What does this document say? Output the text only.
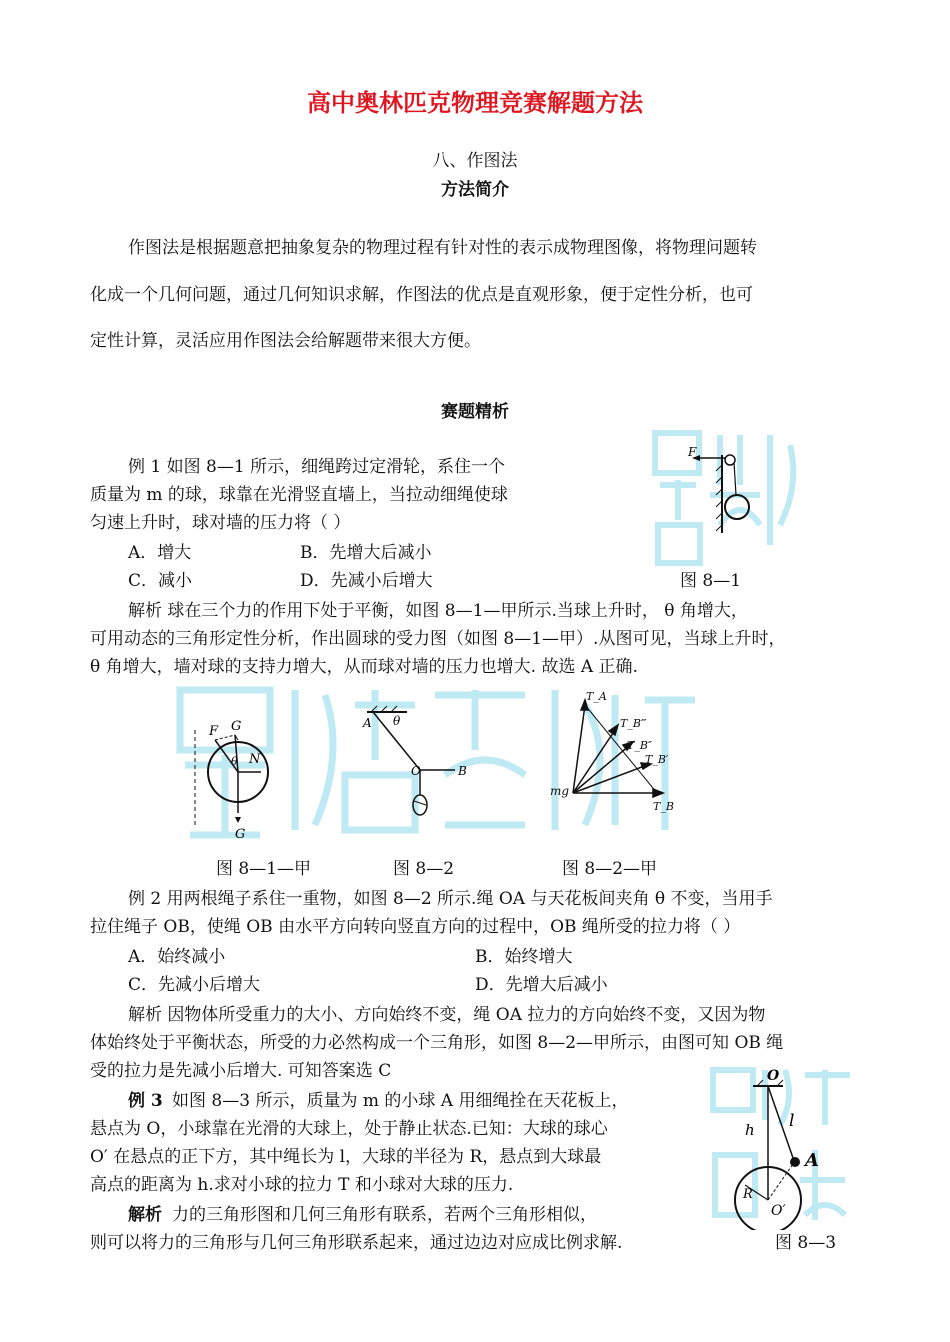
高中奥林匹克物理竞赛解题方法
八、作图法
方法简介
作图法是根据题意把抽象复杂的物理过程有针对性的表示成物理图像，将物理问题转
化成一个几何问题，通过几何知识求解，作图法的优点是直观形象，便于定性分析，也可
定性计算，灵活应用作图法会给解题带来很大方便。
赛题精析
F
例 1 如图 8—1 所示，细绳跨过定滑轮，系住一个
质量为 m 的球，球靠在光滑竖直墙上，当拉动细绳使球
匀速上升时，球对墙的压力将（ ）
A．增大	B．先增大后减小
C．减小	D．先减小后增大	图 8—1
解析 球在三个力的作用下处于平衡，如图 8—1—甲所示.当球上升时， θ 角增大，
可用动态的三角形定性分析，作出圆球的受力图（如图 8—1—甲）.从图可见，当球上升时，
θ 角增大，墙对球的支持力增大，从而球对墙的压力也增大. 故选 A 正确.
F G
θ N
G
A θ
O	B
T_A
T_B‴
T_B″
T_B′
T_B
mg
图 8—1—甲	图 8—2	图 8—2—甲
例 2 用两根绳子系住一重物，如图 8—2 所示.绳 OA 与天花板间夹角 θ 不变，当用手
拉住绳子 OB，使绳 OB 由水平方向转向竖直方向的过程中，OB 绳所受的拉力将（ ）
A．始终减小	B．始终增大
C．先减小后增大	D．先增大后减小
解析 因物体所受重力的大小、方向始终不变，绳 OA 拉力的方向始终不变，又因为物
体始终处于平衡状态，所受的力必然构成一个三角形，如图 8—2—甲所示，由图可知 OB 绳
受的拉力是先减小后增大. 可知答案选 C	O
h l
A
R
O′
例 3 如图 8—3 所示，质量为 m 的小球 A 用细绳拴在天花板上，
悬点为 O，小球靠在光滑的大球上，处于静止状态.已知：大球的球心
O′ 在悬点的正下方，其中绳长为 l，大球的半径为 R，悬点到大球最
高点的距离为 h.求对小球的拉力 T 和小球对大球的压力.
解析 力的三角形图和几何三角形有联系，若两个三角形相似，
则可以将力的三角形与几何三角形联系起来，通过边边对应成比例求解.	图 8—3
